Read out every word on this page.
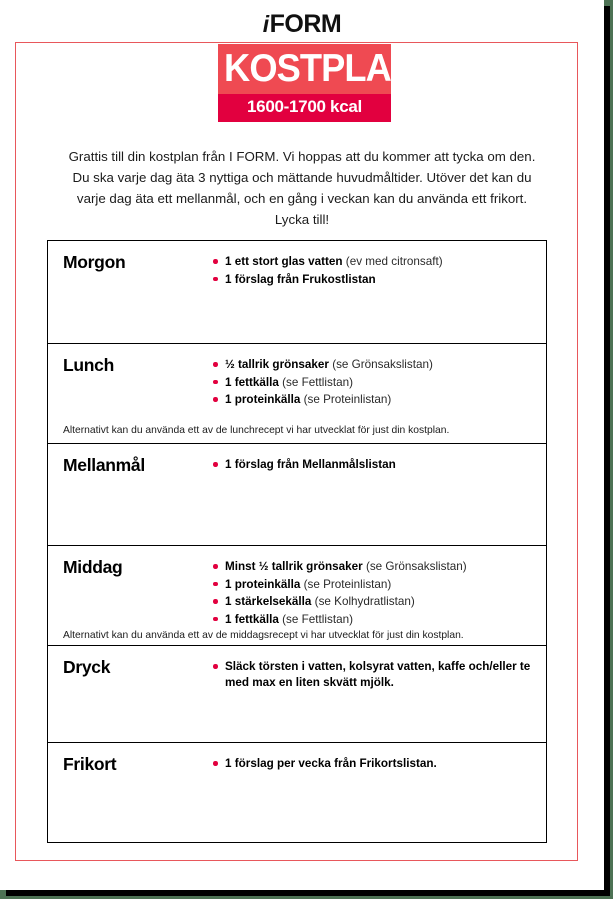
iFORM
KOSTPLAN
1600-1700 kcal
Grattis till din kostplan från I FORM. Vi hoppas att du kommer att tycka om den. Du ska varje dag äta 3 nyttiga och mättande huvudmåltider. Utöver det kan du varje dag äta ett mellanmål, och en gång i veckan kan du använda ett frikort. Lycka till!
Morgon	1 ett stort glas vatten (ev med citronsaft)
1 förslag från Frukostlistan
Lunch	½ tallrik grönsaker (se Grönsakslistan)
1 fettkälla (se Fettlistan)
1 proteinkälla (se Proteinlistan)
Alternativt kan du använda ett av de lunchrecept vi har utvecklat för just din kostplan.
Mellanmål	1 förslag från Mellanmålslistan
Middag	Minst ½ tallrik grönsaker (se Grönsakslistan)
1 proteinkälla (se Proteinlistan)
1 stärkelsekälla (se Kolhydratlistan)
1 fettkälla (se Fettlistan)
Alternativt kan du använda ett av de middagsrecept vi har utvecklat för just din kostplan.
Dryck	Släck törsten i vatten, kolsyrat vatten, kaffe och/eller te med max en liten skvätt mjölk.
Frikort	1 förslag per vecka från Frikortslistan.
